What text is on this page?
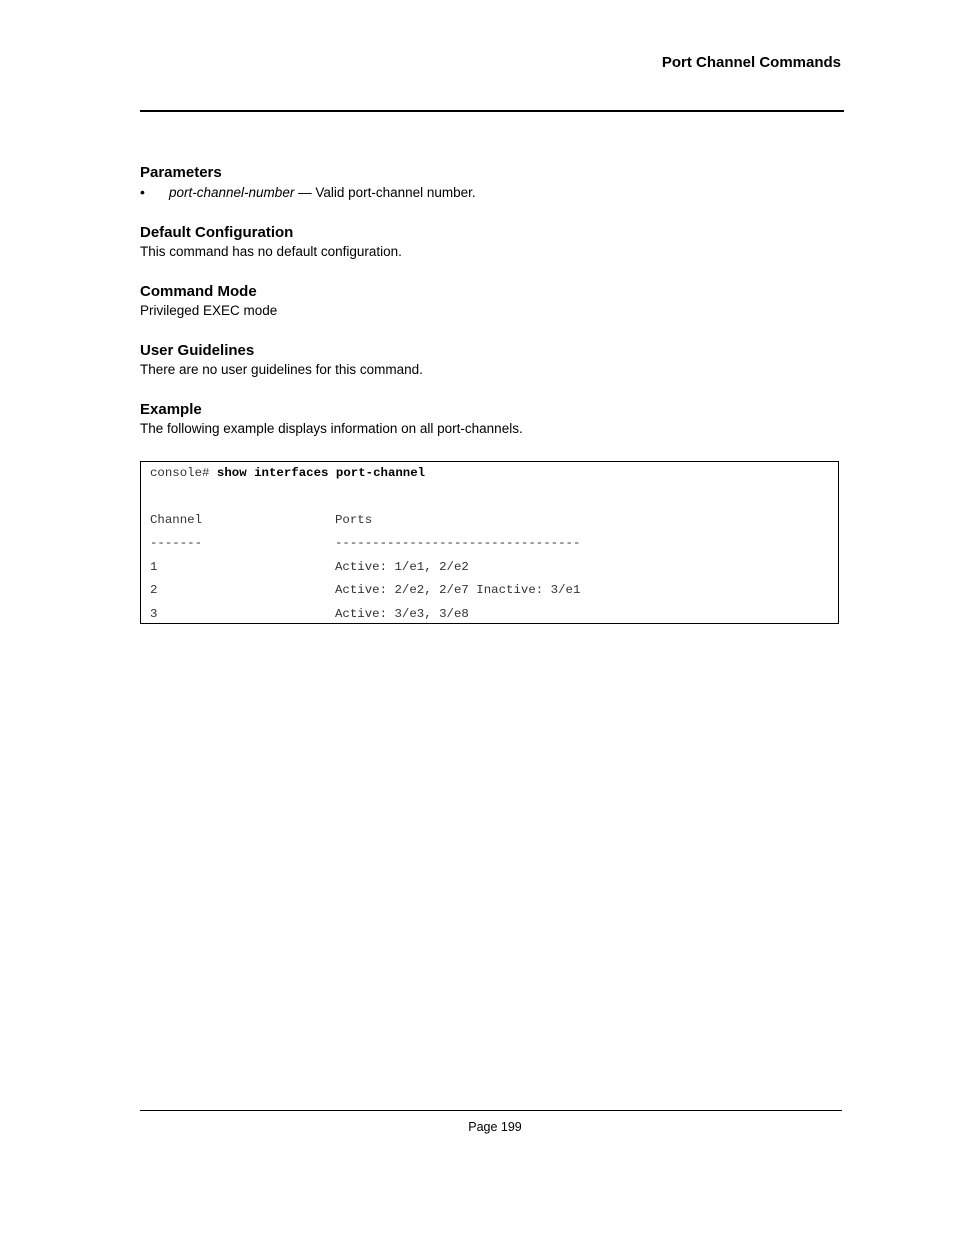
Port Channel Commands

Parameters

•	port-channel-number — Valid port-channel number.

Default Configuration

This command has no default configuration.

Command Mode

Privileged EXEC mode

User Guidelines

There are no user guidelines for this command.

Example

The following example displays information on all port-channels.

console# show interfaces port-channel
Channel	Ports
-------	---------------------------------
1	Active: 1/e1, 2/e2
2	Active: 2/e2, 2/e7 Inactive: 3/e1
3	Active: 3/e3, 3/e8
Page 199
